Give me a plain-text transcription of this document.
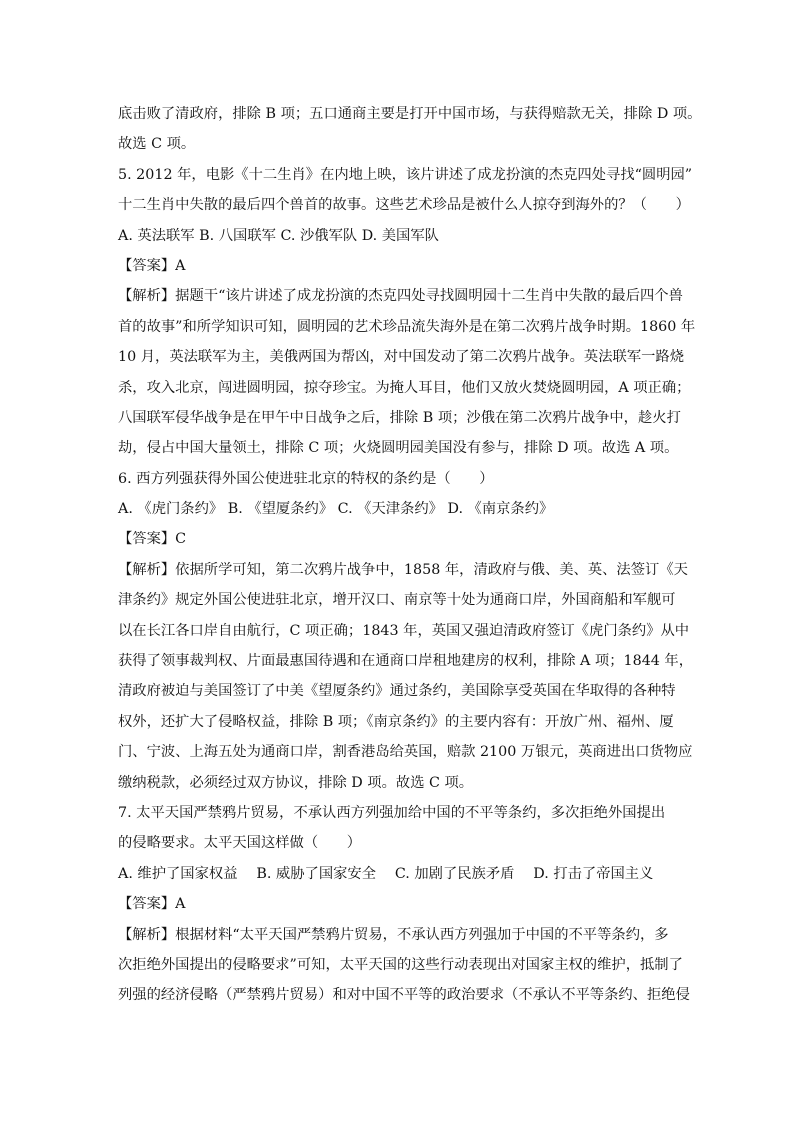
底击败了清政府，排除 B 项；五口通商主要是打开中国市场，与获得赔款无关，排除 D 项。
故选 C 项。
5. 2012 年，电影《十二生肖》在内地上映，该片讲述了成龙扮演的杰克四处寻找“圆明园”
十二生肖中失散的最后四个兽首的故事。这些艺术珍品是被什么人掠夺到海外的？（　　）
A. 英法联军 B. 八国联军 C. 沙俄军队 D. 美国军队
【答案】A
【解析】据题干“该片讲述了成龙扮演的杰克四处寻找圆明园十二生肖中失散的最后四个兽
首的故事”和所学知识可知，圆明园的艺术珍品流失海外是在第二次鸦片战争时期。1860 年
10 月，英法联军为主，美俄两国为帮凶，对中国发动了第二次鸦片战争。英法联军一路烧
杀，攻入北京，闯进圆明园，掠夺珍宝。为掩人耳目，他们又放火焚烧圆明园，A 项正确；
八国联军侵华战争是在甲午中日战争之后，排除 B 项；沙俄在第二次鸦片战争中，趁火打
劫，侵占中国大量领土，排除 C 项；火烧圆明园美国没有参与，排除 D 项。故选 A 项。
6. 西方列强获得外国公使进驻北京的特权的条约是（　　）
A. 《虎门条约》 B. 《望厦条约》 C. 《天津条约》 D. 《南京条约》
【答案】C
【解析】依据所学可知，第二次鸦片战争中，1858 年，清政府与俄、美、英、法签订《天
津条约》规定外国公使进驻北京，增开汉口、南京等十处为通商口岸，外国商船和军舰可
以在长江各口岸自由航行，C 项正确；1843 年，英国又强迫清政府签订《虎门条约》从中
获得了领事裁判权、片面最惠国待遇和在通商口岸租地建房的权利，排除 A 项；1844 年，
清政府被迫与美国签订了中美《望厦条约》通过条约，美国除享受英国在华取得的各种特
权外，还扩大了侵略权益，排除 B 项；《南京条约》的主要内容有：开放广州、福州、厦
门、宁波、上海五处为通商口岸，割香港岛给英国，赔款 2100 万银元，英商进出口货物应
缴纳税款，必须经过双方协议，排除 D 项。故选 C 项。
7. 太平天国严禁鸦片贸易，不承认西方列强加给中国的不平等条约，多次拒绝外国提出
的侵略要求。太平天国这样做（　　）
A. 维护了国家权益　 B. 威胁了国家安全　 C. 加剧了民族矛盾　 D. 打击了帝国主义
【答案】A
【解析】根据材料“太平天国严禁鸦片贸易，不承认西方列强加于中国的不平等条约，多
次拒绝外国提出的侵略要求”可知，太平天国的这些行动表现出对国家主权的维护，抵制了
列强的经济侵略（严禁鸦片贸易）和对中国不平等的政治要求（不承认不平等条约、拒绝侵
